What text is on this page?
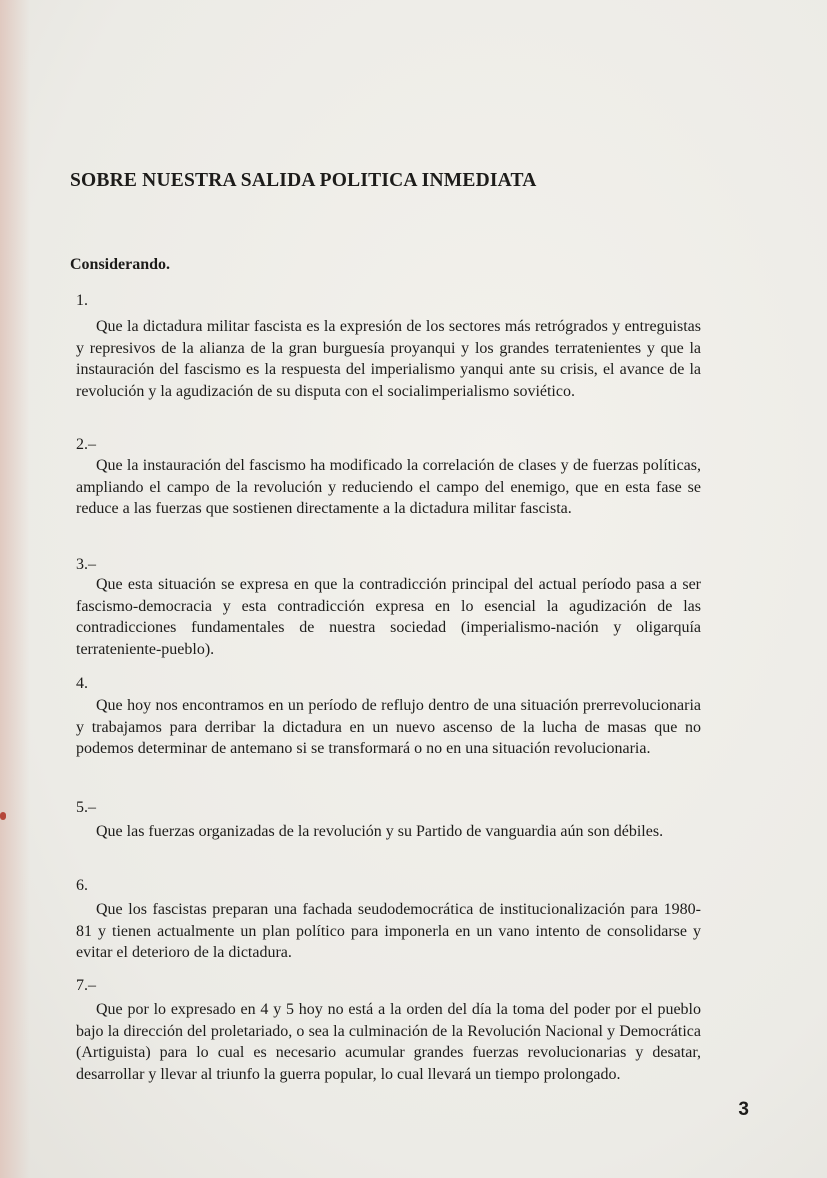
SOBRE NUESTRA SALIDA POLITICA INMEDIATA

Considerando.

1.

Que la dictadura militar fascista es la expresión de los sectores más retrógrados y entreguistas y represivos de la alianza de la gran burguesía proyanqui y los grandes terratenientes y que la instauración del fascismo es la respuesta del imperialismo yanqui ante su crisis, el avance de la revolución y la agudización de su disputa con el socialimperialismo soviético.

2.–

Que la instauración del fascismo ha modificado la correlación de clases y de fuerzas políticas, ampliando el campo de la revolución y reduciendo el campo del enemigo, que en esta fase se reduce a las fuerzas que sostienen directamente a la dictadura militar fascista.

3.–

Que esta situación se expresa en que la contradicción principal del actual período pasa a ser fascismo-democracia y esta contradicción expresa en lo esencial la agudización de las contradicciones fundamentales de nuestra sociedad (imperialismo-nación y oligarquía terrateniente-pueblo).

4.

Que hoy nos encontramos en un período de reflujo dentro de una situación prerrevolucionaria y trabajamos para derribar la dictadura en un nuevo ascenso de la lucha de masas que no podemos determinar de antemano si se transformará o no en una situación revolucionaria.

5.–

Que las fuerzas organizadas de la revolución y su Partido de vanguardia aún son débiles.

6.

Que los fascistas preparan una fachada seudodemocrática de institucionalización para 1980-81 y tienen actualmente un plan político para imponerla en un vano intento de consolidarse y evitar el deterioro de la dictadura.

7.–

Que por lo expresado en 4 y 5 hoy no está a la orden del día la toma del poder por el pueblo bajo la dirección del proletariado, o sea la culminación de la Revolución Nacional y Democrática (Artiguista) para lo cual es necesario acumular grandes fuerzas revolucionarias y desatar, desarrollar y llevar al triunfo la guerra popular, lo cual llevará un tiempo prolongado.

3
